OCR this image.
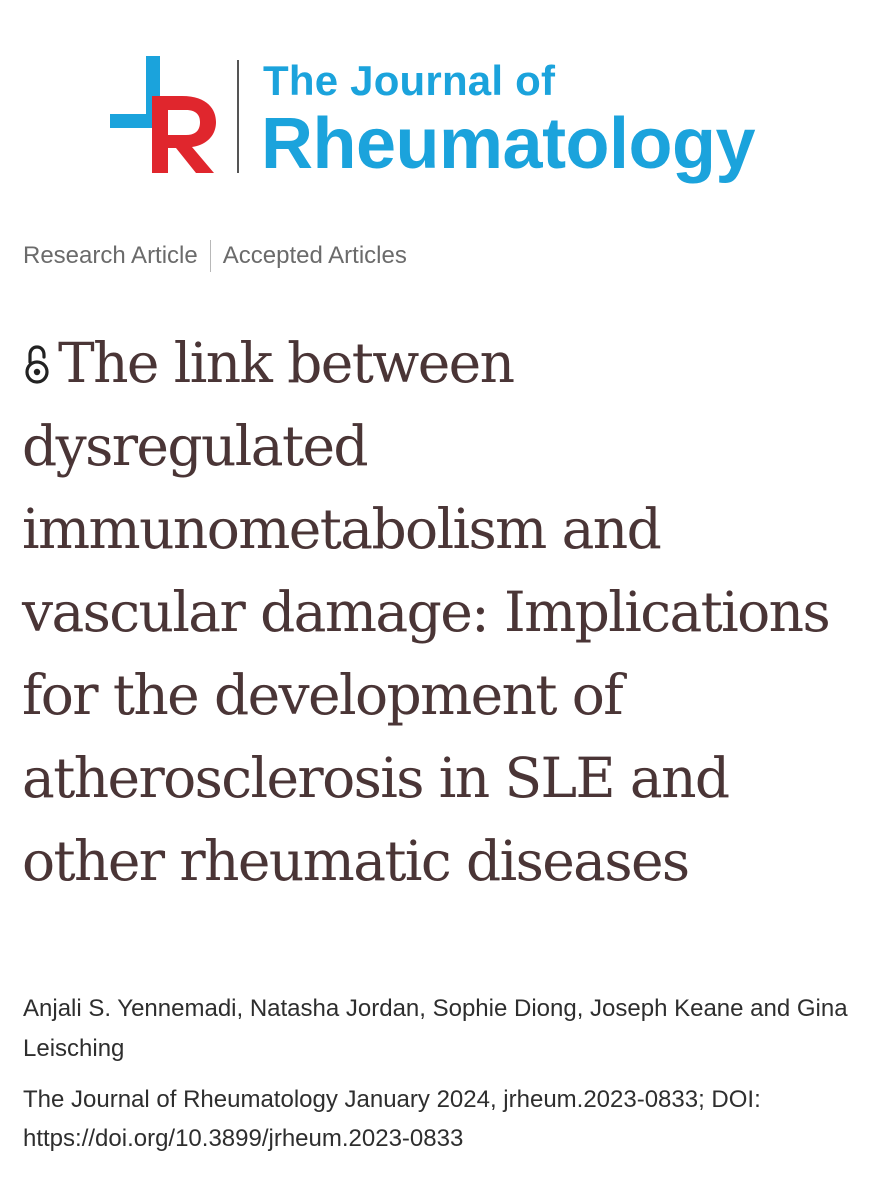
The Journal of
Rheumatology
Research Article Accepted Articles
The link between dysregulated immunometabolism and vascular damage: Implications for the development of atherosclerosis in SLE and other rheumatic diseases

Anjali S. Yennemadi, Natasha Jordan, Sophie Diong, Joseph Keane and Gina Leisching

The Journal of Rheumatology January 2024, jrheum.2023-0833; DOI: https://doi.org/10.3899/jrheum.2023-0833
